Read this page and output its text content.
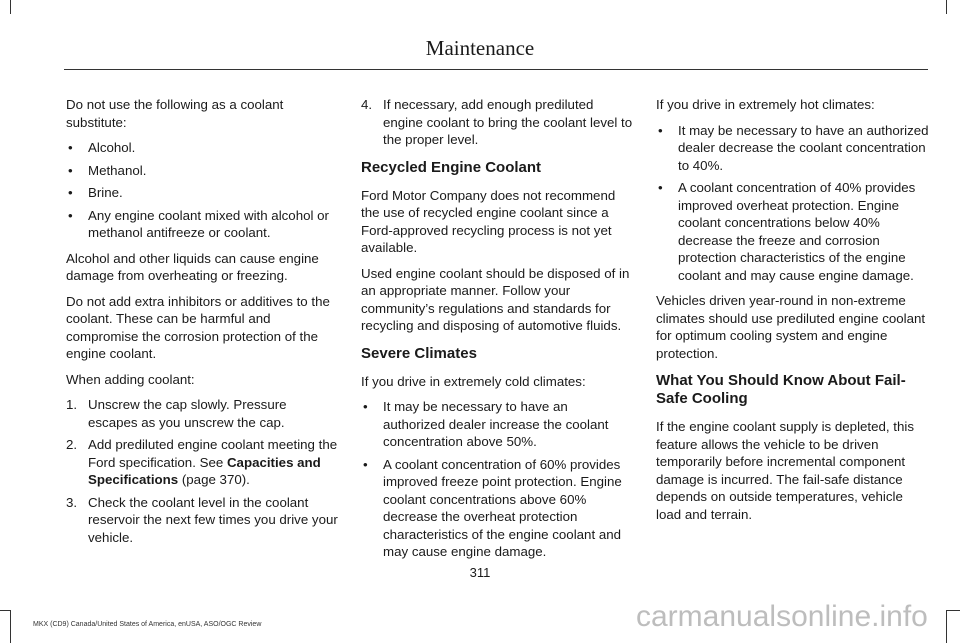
Maintenance

Do not use the following as a coolant substitute:

• Alcohol.
• Methanol.
• Brine.
• Any engine coolant mixed with alcohol or methanol antifreeze or coolant.

Alcohol and other liquids can cause engine damage from overheating or freezing.

Do not add extra inhibitors or additives to the coolant. These can be harmful and compromise the corrosion protection of the engine coolant.

When adding coolant:

1. Unscrew the cap slowly. Pressure escapes as you unscrew the cap.
2. Add prediluted engine coolant meeting the Ford specification. See Capacities and Specifications (page 370).
3. Check the coolant level in the coolant reservoir the next few times you drive your vehicle.
4. If necessary, add enough prediluted engine coolant to bring the coolant level to the proper level.
Recycled Engine Coolant

Ford Motor Company does not recommend the use of recycled engine coolant since a Ford-approved recycling process is not yet available.

Used engine coolant should be disposed of in an appropriate manner. Follow your community’s regulations and standards for recycling and disposing of automotive fluids.

Severe Climates

If you drive in extremely cold climates:

• It may be necessary to have an authorized dealer increase the coolant concentration above 50%.
• A coolant concentration of 60% provides improved freeze point protection. Engine coolant concentrations above 60% decrease the overheat protection characteristics of the engine coolant and may cause engine damage.

If you drive in extremely hot climates:

• It may be necessary to have an authorized dealer decrease the coolant concentration to 40%.
• A coolant concentration of 40% provides improved overheat protection. Engine coolant concentrations below 40% decrease the freeze and corrosion protection characteristics of the engine coolant and may cause engine damage.

Vehicles driven year-round in non-extreme climates should use prediluted engine coolant for optimum cooling system and engine protection.

What You Should Know About Fail-Safe Cooling

If the engine coolant supply is depleted, this feature allows the vehicle to be driven temporarily before incremental component damage is incurred. The fail-safe distance depends on outside temperatures, vehicle load and terrain.

311
MKX (CD9) Canada/United States of America, enUSA, ASO/OGC Review	carmanualsonline.info
